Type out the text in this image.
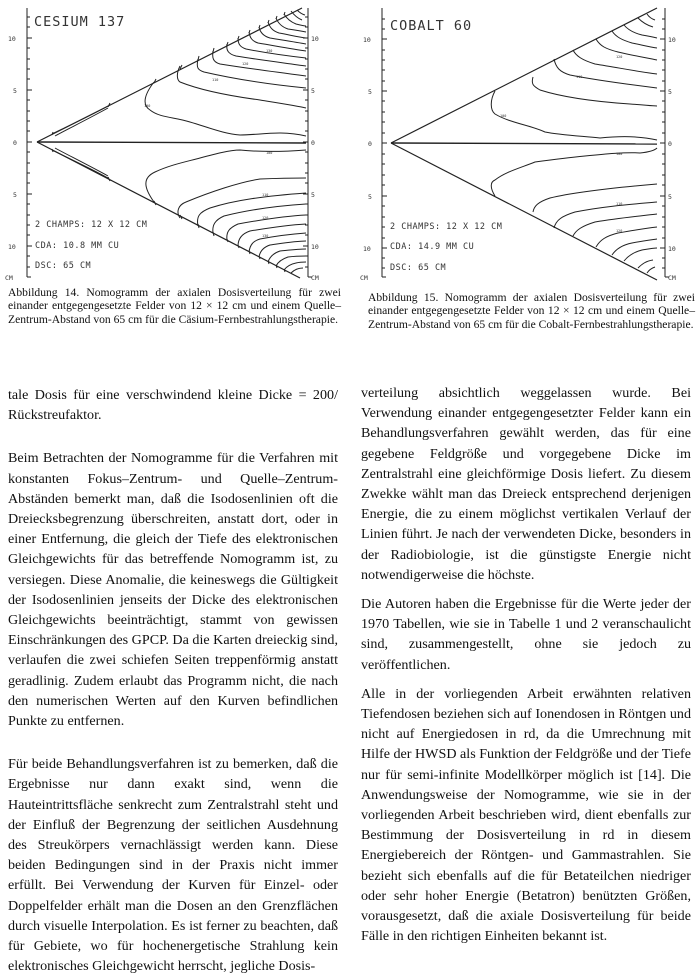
CESIUM 137
10
5
0
5
10
CM
10
5
0
5
10
CM
2 CHAMPS: 12 X 12 CM
CDA: 10.8 MM CU
DSC: 65 CM
100
110
120
130
100
110
120
130
Abbildung 14. Nomogramm der axialen Dosisverteilung für zwei einander entgegengesetzte Felder von 12 × 12 cm und einem Quelle–Zentrum-Abstand von 65 cm für die Cäsium-Fernbestrahlungstherapie.
COBALT 60
10
5
0
5
10
CM
10
5
0
5
10
CM
2 CHAMPS: 12 X 12 CM
CDA: 14.9 MM CU
DSC: 65 CM
100
110
120
100
110
120
Abbildung 15. Nomogramm der axialen Dosisverteilung für zwei einander entgegengesetzte Felder von 12 × 12 cm und einem Quelle–Zentrum-Abstand von 65 cm für die Cobalt-Fernbestrahlungstherapie.

tale Dosis für eine verschwindend kleine Dicke = 200/ Rückstreufaktor.

Beim Betrachten der Nomogramme für die Verfahren mit konstanten Fokus–Zentrum- und Quelle–Zentrum-Abständen bemerkt man, daß die Isodosenlinien oft die Dreiecksbegrenzung überschreiten, anstatt dort, oder in einer Entfernung, die gleich der Tiefe des elektronischen Gleichgewichts für das betreffende Nomogramm ist, zu versiegen. Diese Anomalie, die keineswegs die Gültigkeit der Isodosenlinien jenseits der Dicke des elektronischen Gleichgewichts beeinträchtigt, stammt von gewissen Einschränkungen des GPCP. Da die Karten dreieckig sind, verlaufen die zwei schiefen Seiten treppenförmig anstatt geradlinig. Zudem erlaubt das Programm nicht, die nach den numerischen Werten auf den Kurven befindlichen Punkte zu entfernen.

Für beide Behandlungsverfahren ist zu bemerken, daß die Ergebnisse nur dann exakt sind, wenn die Hauteintrittsfläche senkrecht zum Zentralstrahl steht und der Einfluß der Begrenzung der seitlichen Ausdehnung des Streukörpers vernachlässigt werden kann. Diese beiden Bedingungen sind in der Praxis nicht immer erfüllt. Bei Verwendung der Kurven für Einzel- oder Doppelfelder erhält man die Dosen an den Grenzflächen durch visuelle Interpolation. Es ist ferner zu beachten, daß für Gebiete, wo für hochenergetische Strahlung kein elektronisches Gleichgewicht herrscht, jegliche Dosis-

verteilung absichtlich weggelassen wurde. Bei Verwendung einander entgegengesetzter Felder kann ein Behandlungsverfahren gewählt werden, das für eine gegebene Feldgröße und vorgegebene Dicke im Zentralstrahl eine gleichförmige Dosis liefert. Zu diesem Zwekke wählt man das Dreieck entsprechend derjenigen Energie, die zu einem möglichst vertikalen Verlauf der Linien führt. Je nach der verwendeten Dicke, besonders in der Radiobiologie, ist die günstigste Energie nicht notwendigerweise die höchste.

Die Autoren haben die Ergebnisse für die Werte jeder der 1970 Tabellen, wie sie in Tabelle 1 und 2 veranschaulicht sind, zusammengestellt, ohne sie jedoch zu veröffentlichen.

Alle in der vorliegenden Arbeit erwähnten relativen Tiefendosen beziehen sich auf Ionendosen in Röntgen und nicht auf Energiedosen in rd, da die Umrechnung mit Hilfe der HWSD als Funktion der Feldgröße und der Tiefe nur für semi-infinite Modellkörper möglich ist [14]. Die Anwendungsweise der Nomogramme, wie sie in der vorliegenden Arbeit beschrieben wird, dient ebenfalls zur Bestimmung der Dosisverteilung in rd in diesem Energiebereich der Röntgen- und Gammastrahlen. Sie bezieht sich ebenfalls auf die für Betateilchen niedriger oder sehr hoher Energie (Betatron) benützten Größen, vorausgesetzt, daß die axiale Dosisverteilung für beide Fälle in den richtigen Einheiten bekannt ist.
